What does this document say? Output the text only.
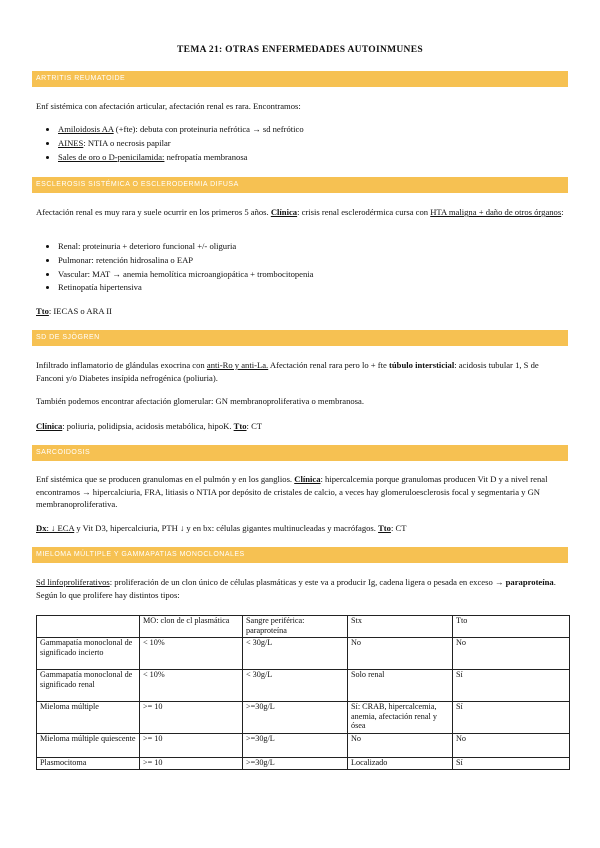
TEMA 21: OTRAS ENFERMEDADES AUTOINMUNES
ARTRITIS REUMATOIDE
Enf sistémica con afectación articular, afectación renal es rara. Encontramos:
• Amiloidosis AA (+fte): debuta con proteinuria nefrótica → sd nefrótico
• AINES: NTIA o necrosis papilar
• Sales de oro o D-penicilamida: nefropatía membranosa
ESCLEROSIS SISTÉMICA O ESCLERODERMIA DIFUSA
Afectación renal es muy rara y suele ocurrir en los primeros 5 años. Clínica: crisis renal esclerodérmica cursa con HTA maligna + daño de otros órganos:
• Renal: proteinuria + deterioro funcional +/- oliguria
• Pulmonar: retención hidrosalina o EAP
• Vascular: MAT → anemia hemolítica microangiopática + trombocitopenia
• Retinopatía hipertensiva
Tto: IECAS o ARA II
SD DE SJÖGREN
Infiltrado inflamatorio de glándulas exocrina con anti-Ro y anti-La. Afectación renal rara pero lo + fte túbulo intersticial: acidosis tubular 1, S de Fanconi y/o Diabetes insípida nefrogénica (poliuria).
También podemos encontrar afectación glomerular: GN membranoproliferativa o membranosa.
Clínica: poliuria, polidipsia, acidosis metabólica, hipoK. Tto: CT
SARCOIDOSIS
Enf sistémica que se producen granulomas en el pulmón y en los ganglios. Clínica: hipercalcemia porque granulomas producen Vit D y a nivel renal encontramos → hipercalciuria, FRA, litiasis o NTIA por depósito de cristales de calcio, a veces hay glomeruloesclerosis focal y segmentaria y GN membranoproliferativa.
Dx: ↓ ECA y Vit D3, hipercalciuria, PTH ↓ y en bx: células gigantes multinucleadas y macrófagos. Tto: CT
MIELOMA MÚLTIPLE Y GAMMAPATIAS MONOCLONALES
Sd linfoproliferativos: proliferación de un clon único de células plasmáticas y este va a producir Ig, cadena ligera o pesada en exceso → paraproteína. Según lo que prolifere hay distintos tipos:
	MO: clon de cl plasmática	Sangre periférica: paraproteína	Stx	Tto
Gammapatía monoclonal de significado incierto	< 10%	< 30g/L	No	No
Gammapatía monoclonal de significado renal	< 10%	< 30g/L	Solo renal	Sí
Mieloma múltiple	>= 10	>=30g/L	Sí: CRAB, hipercalcemia, anemia, afectación renal y ósea	Sí
Mieloma múltiple quiescente	>= 10	>=30g/L	No	No
Plasmocitoma	>= 10	>=30g/L	Localizado	Sí
